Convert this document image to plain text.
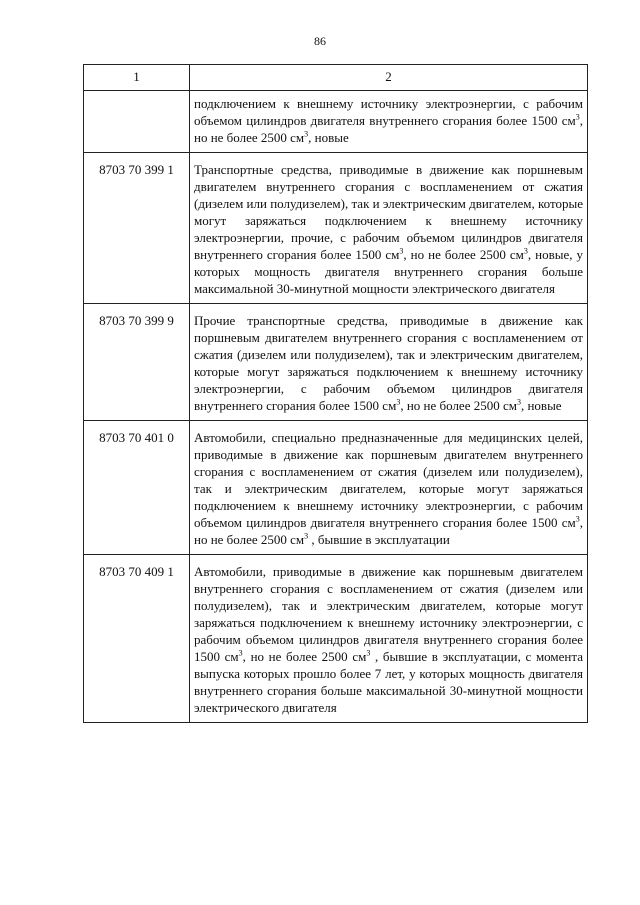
86
1	2
	подключением к внешнему источнику электроэнергии, с рабочим объемом цилиндров двигателя внутреннего сгорания более 1500 $см^3$, но не более 2500 $см^3$, новые
8703 70 399 1	Транспортные средства, приводимые в движение как поршневым двигателем внутреннего сгорания с воспламенением от сжатия (дизелем или полудизелем), так и электрическим двигателем, которые могут заряжаться подключением к внешнему источнику электроэнергии, прочие, с рабочим объемом цилиндров двигателя внутреннего сгорания более 1500 $см^3$, но не более 2500 $см^3$, новые, у которых мощность двигателя внутреннего сгорания больше максимальной 30-минутной мощности электрического двигателя
8703 70 399 9	Прочие транспортные средства, приводимые в движение как поршневым двигателем внутреннего сгорания с воспламенением от сжатия (дизелем или полудизелем), так и электрическим двигателем, которые могут заряжаться подключением к внешнему источнику электроэнергии, с рабочим объемом цилиндров двигателя внутреннего сгорания более 1500 $см^3$, но не более 2500 $см^3$, новые
8703 70 401 0	Автомобили, специально предназначенные для медицинских целей, приводимые в движение как поршневым двигателем внутреннего сгорания с воспламенением от сжатия (дизелем или полудизелем), так и электрическим двигателем, которые могут заряжаться подключением к внешнему источнику электроэнергии, с рабочим объемом цилиндров двигателя внутреннего сгорания более 1500 $см^3$, но не более 2500 $см^3$ , бывшие в эксплуатации
8703 70 409 1	Автомобили, приводимые в движение как поршневым двигателем внутреннего сгорания с воспламенением от сжатия (дизелем или полудизелем), так и электрическим двигателем, которые могут заряжаться подключением к внешнему источнику электроэнергии, с рабочим объемом цилиндров двигателя внутреннего сгорания более 1500 $см^3$, но не более 2500 $см^3$ , бывшие в эксплуатации, с момента выпуска которых прошло более 7 лет, у которых мощность двигателя внутреннего сгорания больше максимальной 30-минутной мощности электрического двигателя
